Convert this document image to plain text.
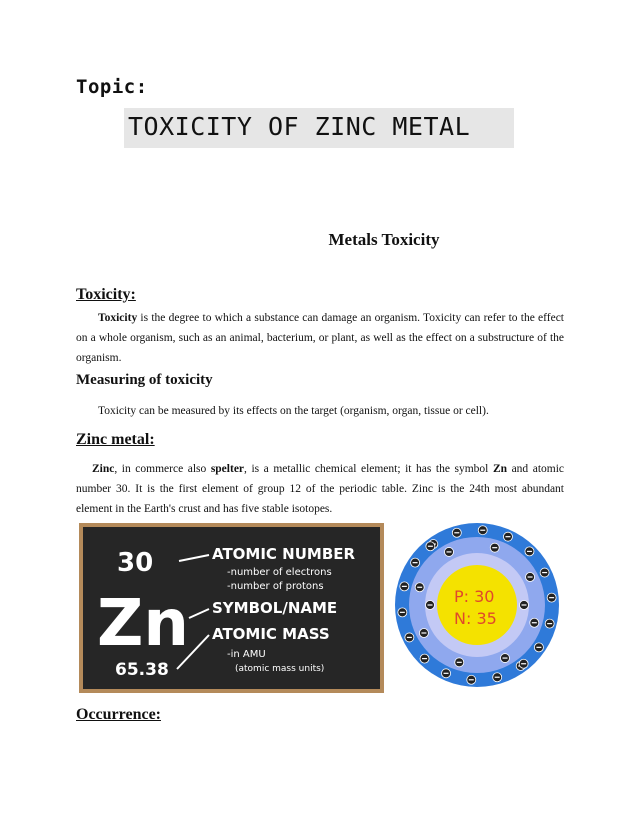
Topic:
TOXICITY OF ZINC METAL
Metals Toxicity
Toxicity:
Toxicity is the degree to which a substance can damage an organism. Toxicity can refer to the effect on a whole organism, such as an animal, bacterium, or plant, as well as the effect on a substructure of the organism.
Measuring of toxicity
Toxicity can be measured by its effects on the target (organism, organ, tissue or cell).
Zinc metal:
Zinc, in commerce also spelter, is a metallic chemical element; it has the symbol Zn and atomic number 30. It is the first element of group 12 of the periodic table. Zinc is the 24th most abundant element in the Earth's crust and has five stable isotopes.
30
Zn
65.38
ATOMIC NUMBER
-number of electrons
-number of protons
SYMBOL/NAME
ATOMIC MASS
-in AMU
(atomic mass units)
P: 30
N: 35
Occurrence:
